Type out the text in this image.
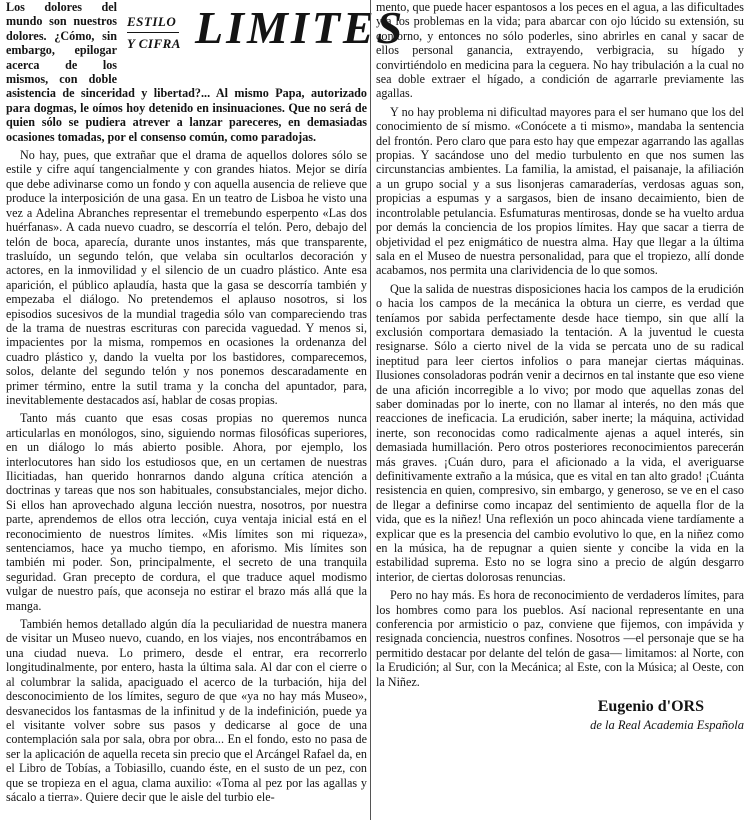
ESTILO
Y CIFRA LIMITES

Los dolores del mundo son nuestros dolores. ¿Cómo, sin embargo, epilogar acerca de los mismos, con doble asistencia de sinceridad y libertad?... Al mismo Papa, autorizado para dogmas, le oímos hoy detenido en insinuaciones. Que no será de quien sólo se pudiera atrever a lanzar pareceres, en demasiadas ocasiones tomadas, por el consenso común, como paradojas.

No hay, pues, que extrañar que el drama de aquellos dolores sólo se estile y cifre aquí tangencialmente y con grandes hiatos. Mejor se diría que debe adivinarse como un fondo y con aquella ausencia de relieve que produce la interposición de una gasa. En un teatro de Lisboa he visto una vez a Adelina Abranches representar el tremebundo esperpento «Las dos huérfanas». A cada nuevo cuadro, se descorría el telón. Pero, debajo del telón de boca, aparecía, durante unos instantes, más que transparente, trasluído, un segundo telón, que velaba sin ocultarlos decoración y actores, en la inmovilidad y el silencio de un cuadro plástico. Ante esa aparición, el público aplaudía, hasta que la gasa se descorría también y empezaba el diálogo. No pretendemos el aplauso nosotros, si los episodios sucesivos de la mundial tragedia sólo van compareciendo tras de la trama de nuestras escrituras con parecida vaguedad. Y menos si, impacientes por la misma, rompemos en ocasiones la ordenanza del cuadro plástico y, dando la vuelta por los bastidores, comparecemos, solos, delante del segundo telón y nos ponemos descaradamente en primer término, entre la sutil trama y la concha del apuntador, para, inevitablemente destacados así, hablar de cosas propias.

Tanto más cuanto que esas cosas propias no queremos nunca articularlas en monólogos, sino, siguiendo normas filosóficas superiores, en un diálogo lo más abierto posible. Ahora, por ejemplo, los interlocutores han sido los estudiosos que, en un certamen de nuestras Ilicitiadas, han querido honrarnos dando alguna crítica atención a doctrinas y tareas que nos son habituales, consubstanciales, mejor dicho. Si ellos han aprovechado alguna lección nuestra, nosotros, por nuestra parte, aprendemos de ellos otra lección, cuya ventaja inicial está en el reconocimiento de nuestros límites. «Mis límites son mi riqueza», sentenciamos, hace ya mucho tiempo, en aforismo. Mis límites son también mi poder. Son, principalmente, el secreto de una tranquila seguridad. Gran precepto de cordura, el que traduce aquel modismo vulgar de nuestro país, que aconseja no estirar el brazo más allá que la manga.

También hemos detallado algún día la peculiaridad de nuestra manera de visitar un Museo nuevo, cuando, en los viajes, nos encontrábamos en una ciudad nueva. Lo primero, desde el entrar, era recorrerlo longitudinalmente, por entero, hasta la última sala. Al dar con el cierre o al columbrar la salida, apaciguado el acerco de la turbación, hija del desconocimiento de los límites, seguro de que «ya no hay más Museo», desvanecidos los fantasmas de la infinitud y de la indefinición, puede ya el visitante volver sobre sus pasos y dedicarse al goce de una contemplación sala por sala, obra por obra... En el fondo, esto no pasa de ser la aplicación de aquella receta sin precio que el Arcángel Rafael da, en el Libro de Tobías, a Tobiasillo, cuando éste, en el susto de un pez, con que se tropieza en el agua, clama auxilio: «Toma al pez por las agallas y sácalo a tierra». Quiere decir que le aisle del turbio ele-

mento, que puede hacer espantosos a los peces en el agua, a las dificultades y a los problemas en la vida; para abarcar con ojo lúcido su extensión, su contorno, y entonces no sólo poderles, sino abrirles en canal y sacar de ellos personal ganancia, extrayendo, verbigracia, su hígado y convirtiéndolo en medicina para la ceguera. No hay tribulación a la cual no sea doble extraer el hígado, a condición de agarrarle previamente las agallas.

Y no hay problema ni dificultad mayores para el ser humano que los del conocimiento de sí mismo. «Conócete a ti mismo», mandaba la sentencia del frontón. Pero claro que para esto hay que empezar agarrando las agallas propias. Y sacándose uno del medio turbulento en que nos sumen las circunstancias ambientes. La familia, la amistad, el paisanaje, la afiliación a un grupo social y a sus lisonjeras camaraderías, verdosas aguas son, propicias a espumas y a sargasos, bien de insano decaimiento, bien de incontrolable petulancia. Esfumaturas mentirosas, donde se ha vuelto ardua por demás la conciencia de los propios límites. Hay que sacar a tierra de objetividad el pez enigmático de nuestra alma. Hay que llegar a la última sala en el Museo de nuestra personalidad, para que el tropiezo, allí donde acabamos, nos permita una clarividencia de lo que somos.

Que la salida de nuestras disposiciones hacia los campos de la erudición o hacia los campos de la mecánica la obtura un cierre, es verdad que teníamos por sabida perfectamente desde hace tiempo, sin que allí la exclusión comportara demasiado la tentación. A la juventud le cuesta resignarse. Sólo a cierto nivel de la vida se percata uno de su radical ineptitud para leer ciertos infolios o para manejar ciertas máquinas. Ilusiones consoladoras podrán venir a decirnos en tal instante que eso viene de una afición incorregible a lo vivo; por modo que aquellas zonas del saber dominadas por lo inerte, con no llamar al interés, no den más que reacciones de ineficacia. La erudición, saber inerte; la máquina, actividad inerte, son reconocidas como radicalmente ajenas a aquel interés, sin demasiada humillación. Pero otros posteriores reconocimientos parecerán más graves. ¡Cuán duro, para el aficionado a la vida, el averiguarse definitivamente extraño a la música, que es vital en tan alto grado! ¡Cuánta resistencia en quien, compresivo, sin embargo, y generoso, se ve en el caso de llegar a definirse como incapaz del sentimiento de aquella flor de la vida, que es la niñez! Una reflexión un poco ahincada viene tardíamente a explicar que es la presencia del cambio evolutivo lo que, en la niñez como en la música, ha de repugnar a quien siente y concibe la vida en la estabilidad suprema. Esto no se logra sino a precio de algún desgarro interior, de ciertas dolorosas renuncias.

Pero no hay más. Es hora de reconocimiento de verdaderos límites, para los hombres como para los pueblos. Así nacional representante en una conferencia por armisticio o paz, conviene que fijemos, con impávida y resignada conciencia, nuestros confines. Nosotros —el personaje que se ha permitido destacar por delante del telón de gasa— limitamos: al Norte, con la Erudición; al Sur, con la Mecánica; al Este, con la Música; al Oeste, con la Niñez.

Eugenio d'ORS
de la Real Academia Española
